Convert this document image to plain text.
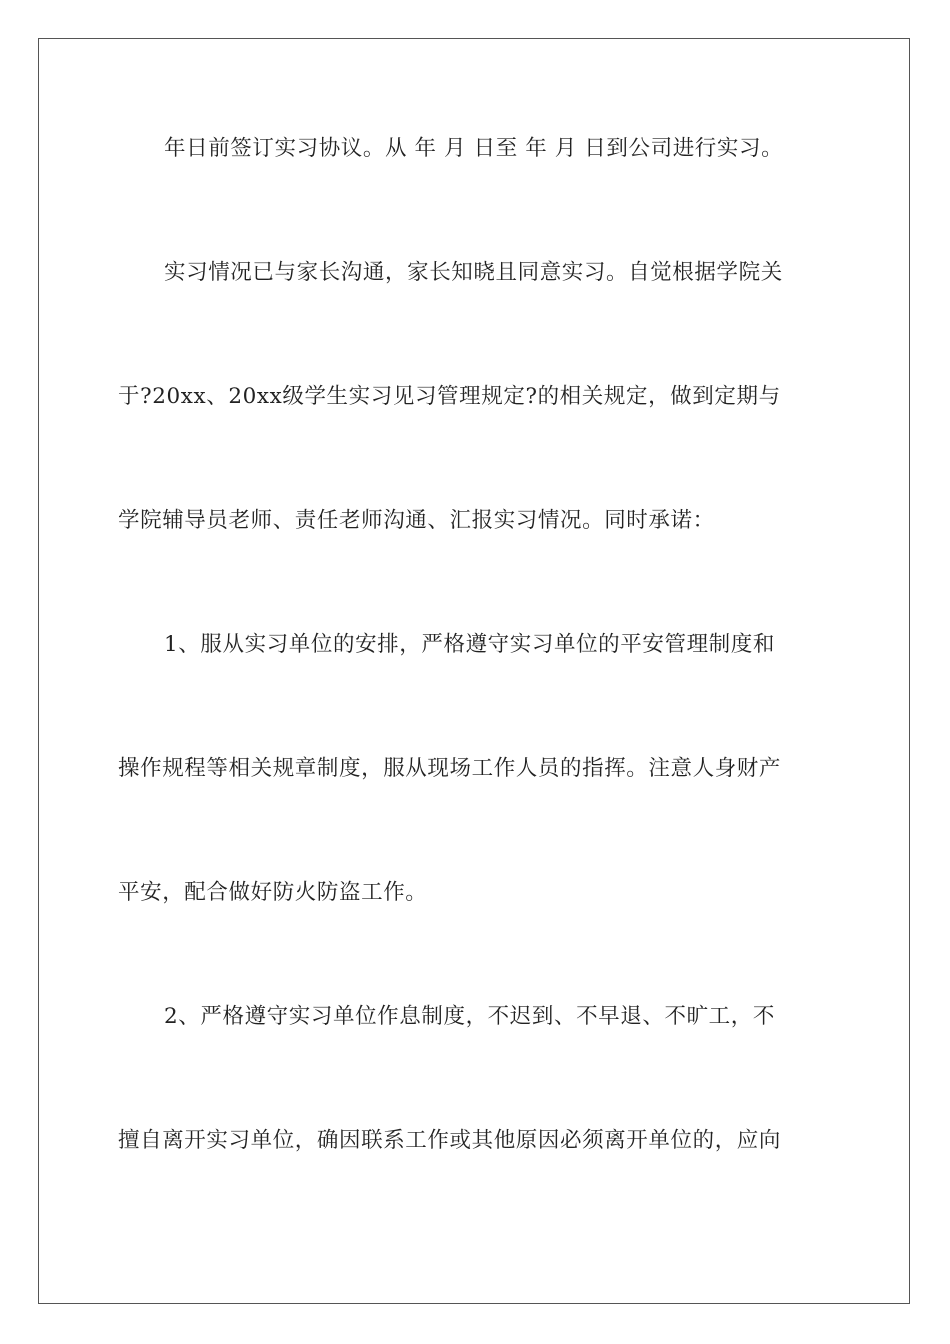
年日前签订实习协议。从 年 月 日至 年 月 日到公司进行实习。
实习情况已与家长沟通，家长知晓且同意实习。自觉根据学院关
于?20xx、20xx级学生实习见习管理规定?的相关规定，做到定期与
学院辅导员老师、责任老师沟通、汇报实习情况。同时承诺：
1、服从实习单位的安排，严格遵守实习单位的平安管理制度和
操作规程等相关规章制度，服从现场工作人员的指挥。注意人身财产
平安，配合做好防火防盗工作。
2、严格遵守实习单位作息制度，不迟到、不早退、不旷工，不
擅自离开实习单位，确因联系工作或其他原因必须离开单位的，应向
